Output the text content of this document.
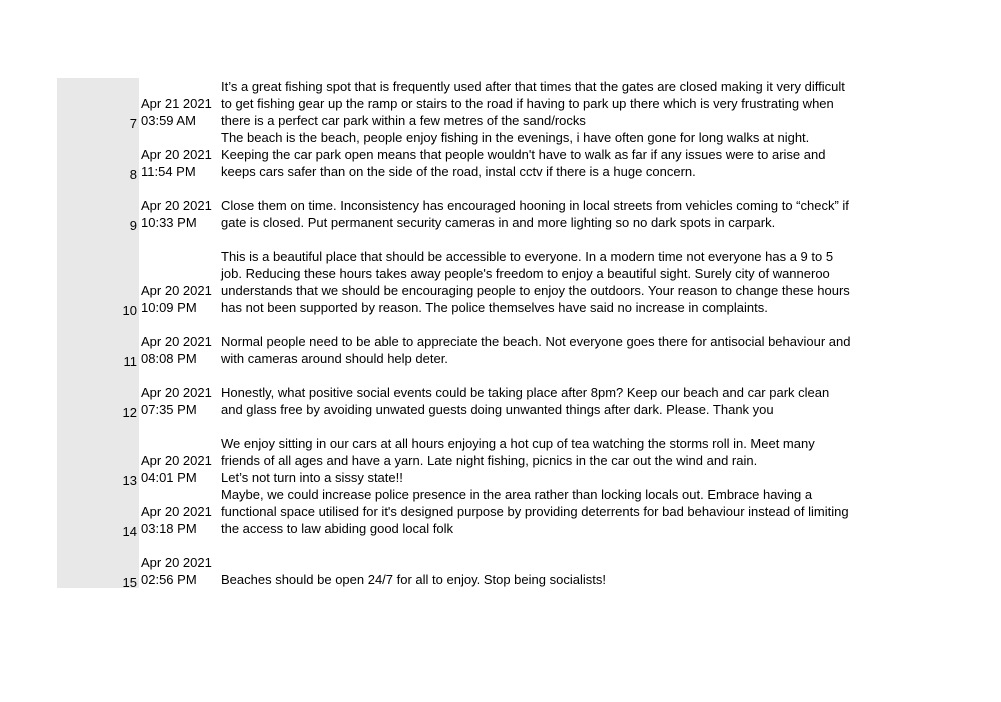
7
Apr 21 2021
03:59 AM
It’s a great fishing spot that is frequently used after that times that the gates are closed making it very difficult
to get fishing gear up the ramp or stairs to the road if having to park up there which is very frustrating when
there is a perfect car park within a few metres of the sand/rocks
8
Apr 20 2021
11:54 PM
The beach is the beach, people enjoy fishing in the evenings, i have often gone for long walks at night.
Keeping the car park open means that people wouldn't have to walk as far if any issues were to arise and
keeps cars safer than on the side of the road, instal cctv if there is a huge concern.
9
Apr 20 2021
10:33 PM
Close them on time. Inconsistency has encouraged hooning in local streets from vehicles coming to “check” if
gate is closed. Put permanent security cameras in and more lighting so no dark spots in carpark.
10
Apr 20 2021
10:09 PM
This is a beautiful place that should be accessible to everyone. In a modern time not everyone has a 9 to 5
job. Reducing these hours takes away people's freedom to enjoy a beautiful sight. Surely city of wanneroo
understands that we should be encouraging people to enjoy the outdoors. Your reason to change these hours
has not been supported by reason. The police themselves have said no increase in complaints.
11
Apr 20 2021
08:08 PM
Normal people need to be able to appreciate the beach. Not everyone goes there for antisocial behaviour and
with cameras around should help deter.
12
Apr 20 2021
07:35 PM
Honestly, what positive social events could be taking place after 8pm? Keep our beach and car park clean
and glass free by avoiding unwated guests doing unwanted things after dark. Please. Thank you
13
Apr 20 2021
04:01 PM
We enjoy sitting in our cars at all hours enjoying a hot cup of tea watching the storms roll in. Meet many
friends of all ages and have a yarn. Late night fishing, picnics in the car out the wind and rain.
Let’s not turn into a sissy state!!
14
Apr 20 2021
03:18 PM
Maybe, we could increase police presence in the area rather than locking locals out. Embrace having a
functional space utilised for it's designed purpose by providing deterrents for bad behaviour instead of limiting
the access to law abiding good local folk
15
Apr 20 2021
02:56 PM	Beaches should be open 24/7 for all to enjoy. Stop being socialists!
